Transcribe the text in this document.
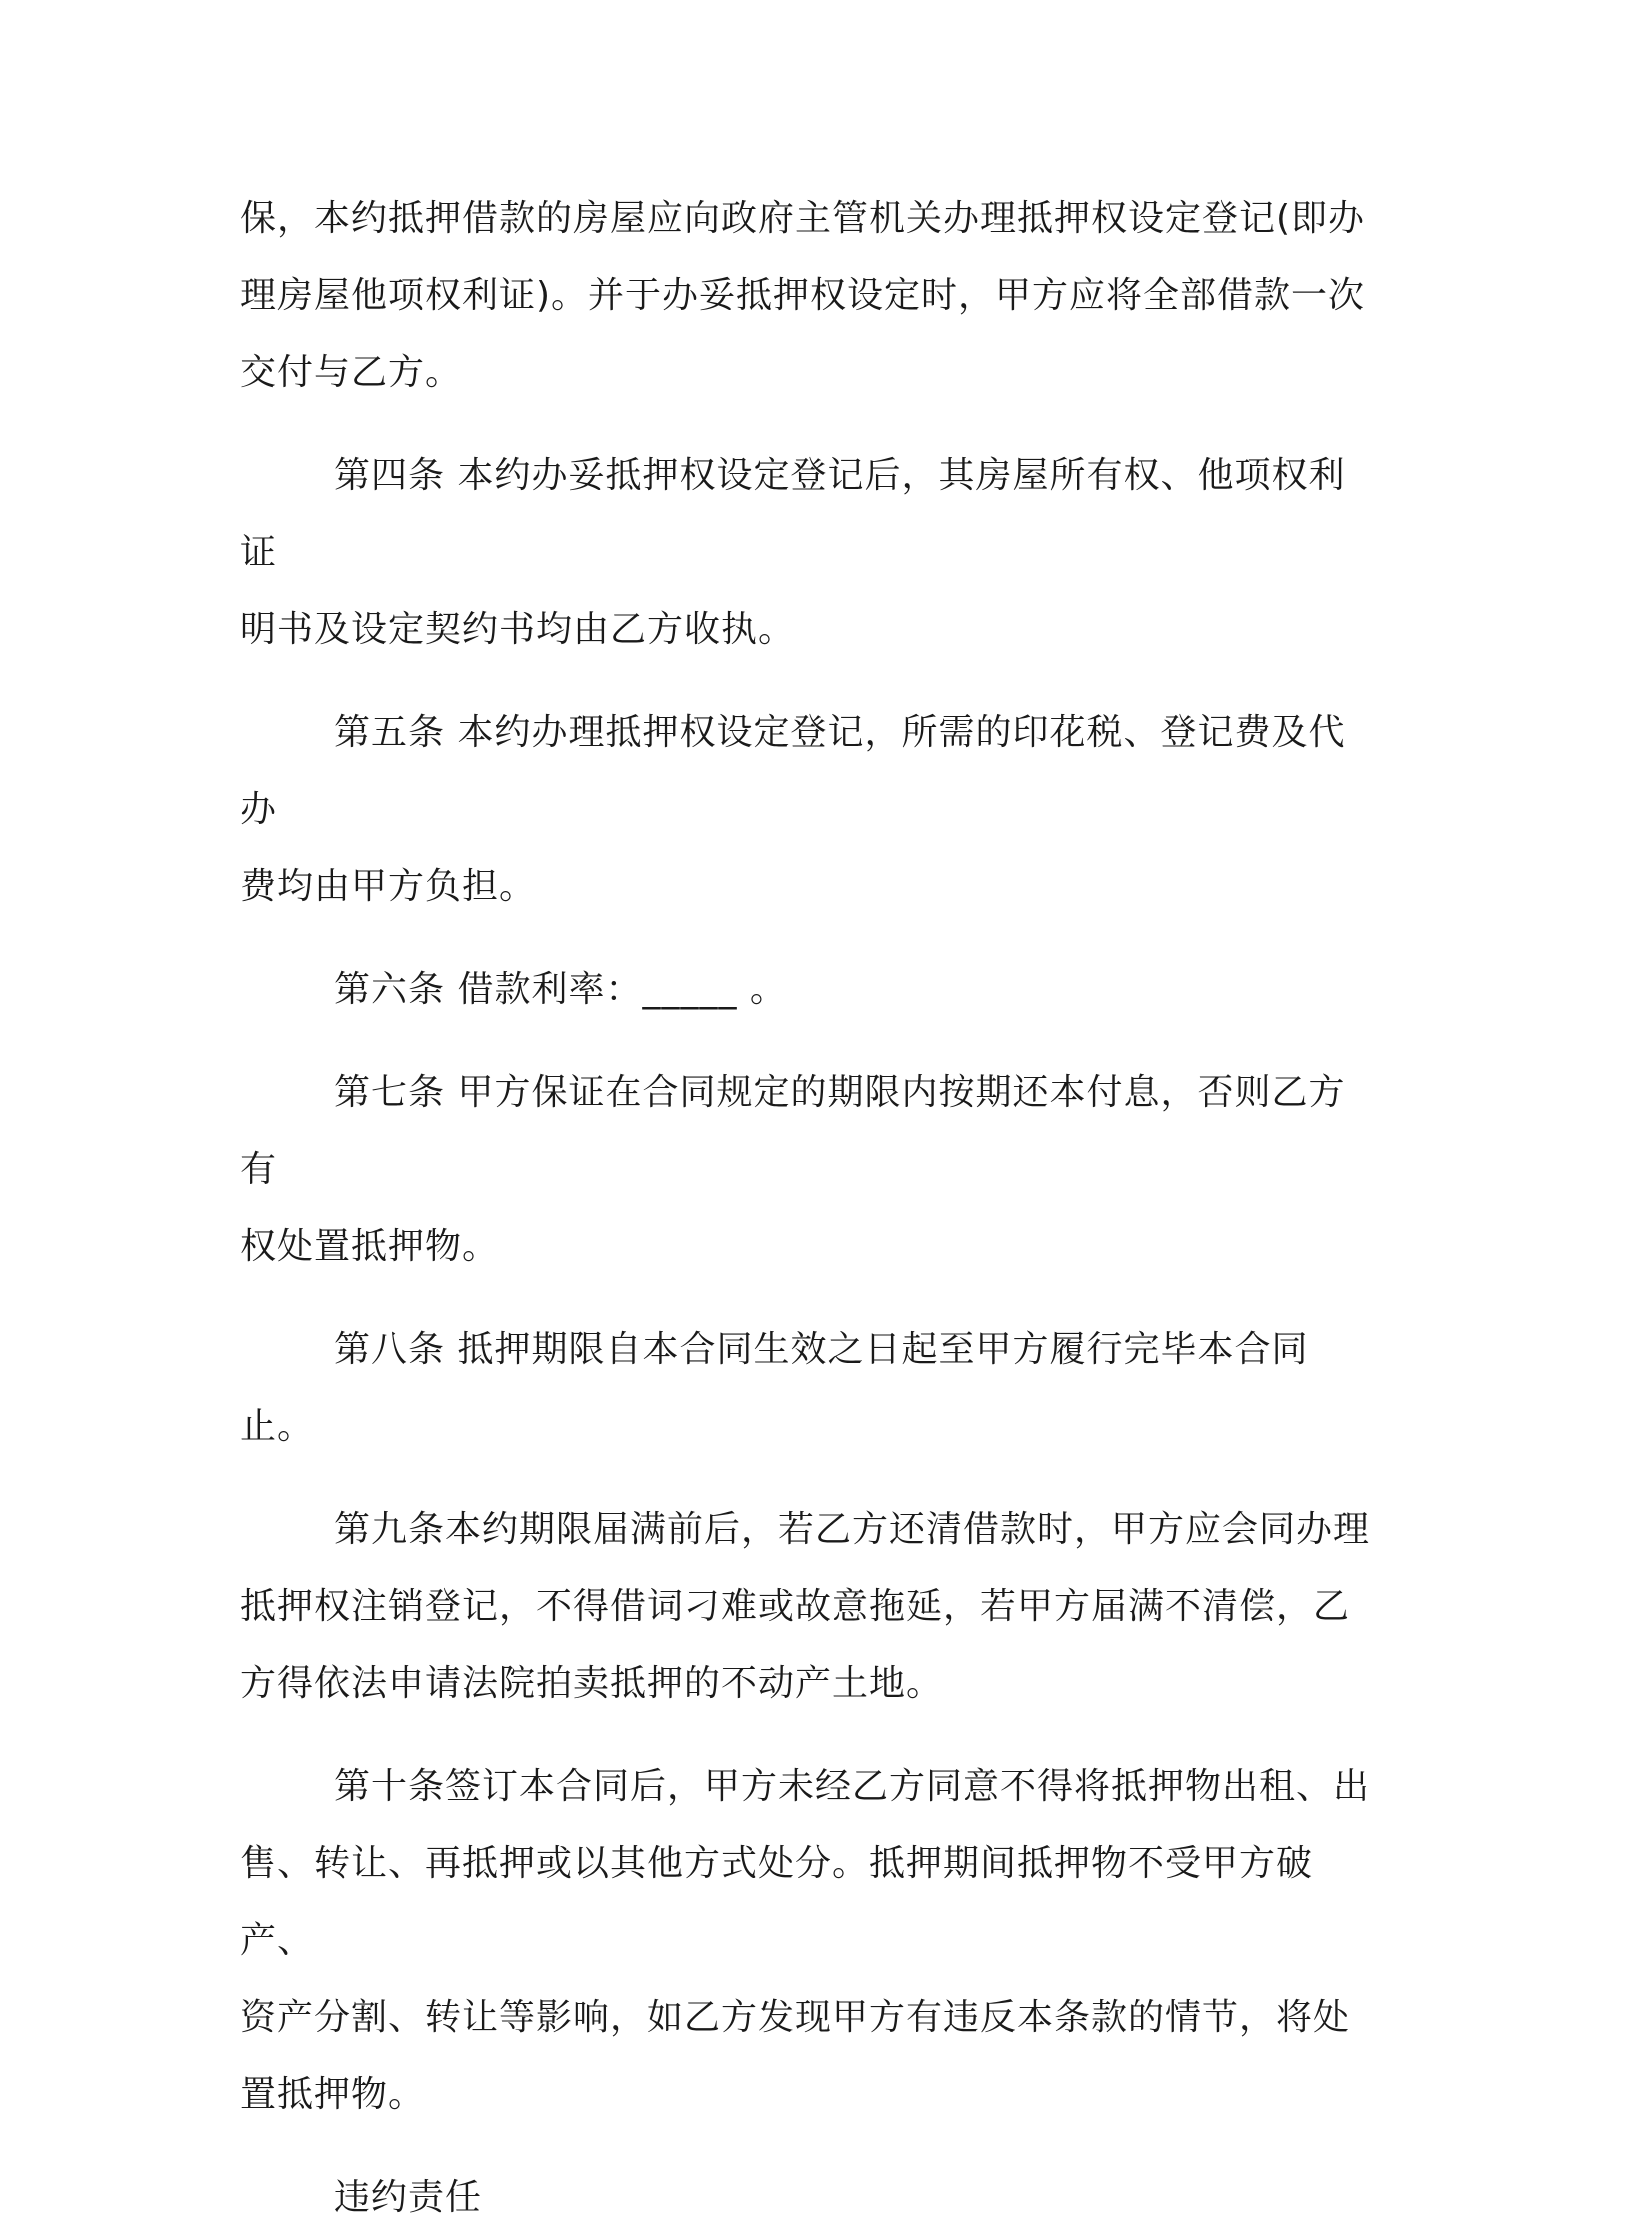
保，本约抵押借款的房屋应向政府主管机关办理抵押权设定登记(即办
理房屋他项权利证)。并于办妥抵押权设定时，甲方应将全部借款一次
交付与乙方。

第四条 本约办妥抵押权设定登记后，其房屋所有权、他项权利证
明书及设定契约书均由乙方收执。

第五条 本约办理抵押权设定登记，所需的印花税、登记费及代办
费均由甲方负担。

第六条 借款利率：_____ 。

第七条 甲方保证在合同规定的期限内按期还本付息，否则乙方有
权处置抵押物。

第八条 抵押期限自本合同生效之日起至甲方履行完毕本合同止。

第九条本约期限届满前后，若乙方还清借款时，甲方应会同办理
抵押权注销登记，不得借词刁难或故意拖延，若甲方届满不清偿，乙
方得依法申请法院拍卖抵押的不动产土地。

第十条签订本合同后，甲方未经乙方同意不得将抵押物出租、出
售、转让、再抵押或以其他方式处分。抵押期间抵押物不受甲方破产、
资产分割、转让等影响，如乙方发现甲方有违反本条款的情节，将处
置抵押物。

违约责任
